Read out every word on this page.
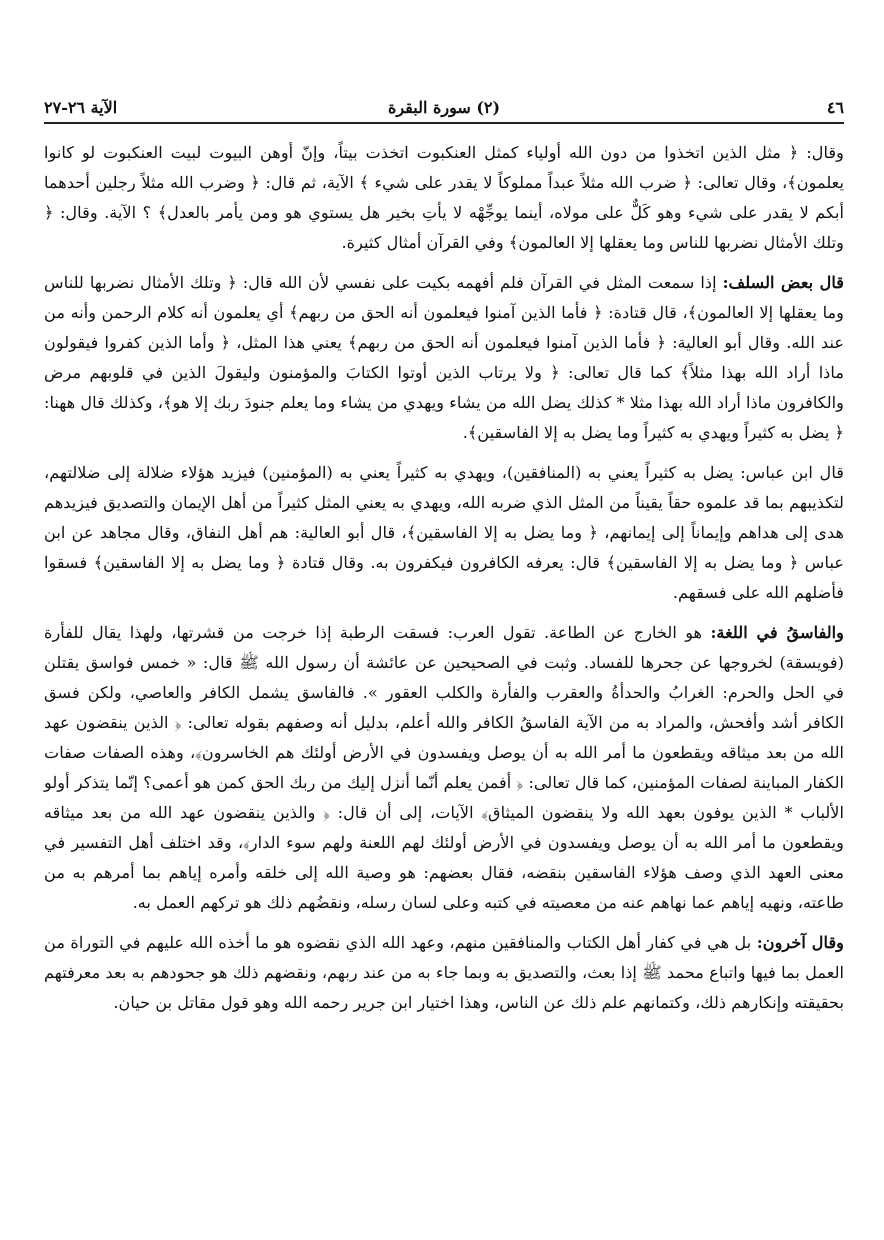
٤٦
(٢) سورة البقرة
الآية ٢٦-٢٧

وقال: ﴿ مثل الذين اتخذوا من دون الله أولياء كمثل العنكبوت اتخذت بيتاً، وإنّ أوهن البيوت لبيت العنكبوت لو كانوا يعلمون﴾، وقال تعالى: ﴿ ضرب الله مثلاً عبداً مملوكاً لا يقدر على شيء ﴾ الآية، ثم قال: ﴿ وضرب الله مثلاً رجلين أحدهما أبكم لا يقدر على شيء وهو كَلٌّ على مولاه، أينما يوجِّهْه لا يأتِ بخير هل يستوي هو ومن يأمر بالعدل﴾ ؟ الآية. وقال: ﴿ وتلك الأمثال نضربها للناس وما يعقلها إلا العالمون﴾ وفي القرآن أمثال كثيرة.

قال بعض السلف: إذا سمعت المثل في القرآن فلم أفهمه بكيت على نفسي لأن الله قال: ﴿ وتلك الأمثال نضربها للناس وما يعقلها إلا العالمون﴾، قال قتادة: ﴿ فأما الذين آمنوا فيعلمون أنه الحق من ربهم﴾ أي يعلمون أنه كلام الرحمن وأنه من عند الله. وقال أبو العالية: ﴿ فأما الذين آمنوا فيعلمون أنه الحق من ربهم﴾ يعني هذا المثل، ﴿ وأما الذين كفروا فيقولون ماذا أراد الله بهذا مثلاً﴾ كما قال تعالى: ﴿ ولا يرتاب الذين أوتوا الكتابَ والمؤمنون وليقولَ الذين في قلوبهم مرض والكافرون ماذا أراد الله بهذا مثلا * كذلك يضل الله من يشاء ويهدي من يشاء وما يعلم جنودَ ربك إلا هو﴾، وكذلك قال ههنا: ﴿ يضل به كثيراً ويهدي به كثيراً وما يضل به إلا الفاسقين﴾.

قال ابن عباس: يضل به كثيراً يعني به (المنافقين)، ويهدي به كثيراً يعني به (المؤمنين) فيزيد هؤلاء ضلالة إلى ضلالتهم، لتكذيبهم بما قد علموه حقاً يقيناً من المثل الذي ضربه الله، ويهدي به يعني المثل كثيراً من أهل الإيمان والتصديق فيزيدهم هدى إلى هداهم وإيماناً إلى إيمانهم، ﴿ وما يضل به إلا الفاسقين﴾، قال أبو العالية: هم أهل النفاق، وقال مجاهد عن ابن عباس ﴿ وما يضل به إلا الفاسقين﴾ قال: يعرفه الكافرون فيكفرون به. وقال قتادة ﴿ وما يضل به إلا الفاسقين﴾ فسقوا فأضلهم الله على فسقهم.

والفاسقُ في اللغة: هو الخارج عن الطاعة. تقول العرب: فسقت الرطبة إذا خرجت من قشرتها، ولهذا يقال للفأرة (فويسقة) لخروجها عن جحرها للفساد. وثبت في الصحيحين عن عائشة أن رسول الله ﷺ قال: « خمس فواسق يقتلن في الحل والحرم: الغرابُ والحدأةُ والعقرب والفأرة والكلب العقور ». فالفاسق يشمل الكافر والعاصي، ولكن فسق الكافر أشد وأفحش، والمراد به من الآية الفاسقُ الكافر والله أعلم، بدليل أنه وصفهم بقوله تعالى: ﴿ الذين ينقضون عهد الله من بعد ميثاقه ويقطعون ما أمر الله به أن يوصل ويفسدون في الأرض أولئك هم الخاسرون﴾، وهذه الصفات صفات الكفار المباينة لصفات المؤمنين، كما قال تعالى: ﴿ أفمن يعلم أنّما أنزل إليك من ربك الحق كمن هو أعمى؟ إنّما يتذكر أولو الألباب * الذين يوفون بعهد الله ولا ينقضون الميثاق﴾ الآيات، إلى أن قال: ﴿ والذين ينقضون عهد الله من بعد ميثاقه ويقطعون ما أمر الله به أن يوصل ويفسدون في الأرض أولئك لهم اللعنة ولهم سوء الدار﴾، وقد اختلف أهل التفسير في معنى العهد الذي وصف هؤلاء الفاسقين بنقضه، فقال بعضهم: هو وصية الله إلى خلقه وأمره إياهم بما أمرهم به من طاعته، ونهيه إياهم عما نهاهم عنه من معصيته في كتبه وعلى لسان رسله، ونقضُهم ذلك هو تركهم العمل به.

وقال آخرون: بل هي في كفار أهل الكتاب والمنافقين منهم، وعهد الله الذي نقضوه هو ما أخذه الله عليهم في التوراة من العمل بما فيها واتباع محمد ﷺ إذا بعث، والتصديق به وبما جاء به من عند ربهم، ونقضهم ذلك هو جحودهم به بعد معرفتهم بحقيقته وإنكارهم ذلك، وكتمانهم علم ذلك عن الناس، وهذا اختيار ابن جرير رحمه الله وهو قول مقاتل بن حيان.
